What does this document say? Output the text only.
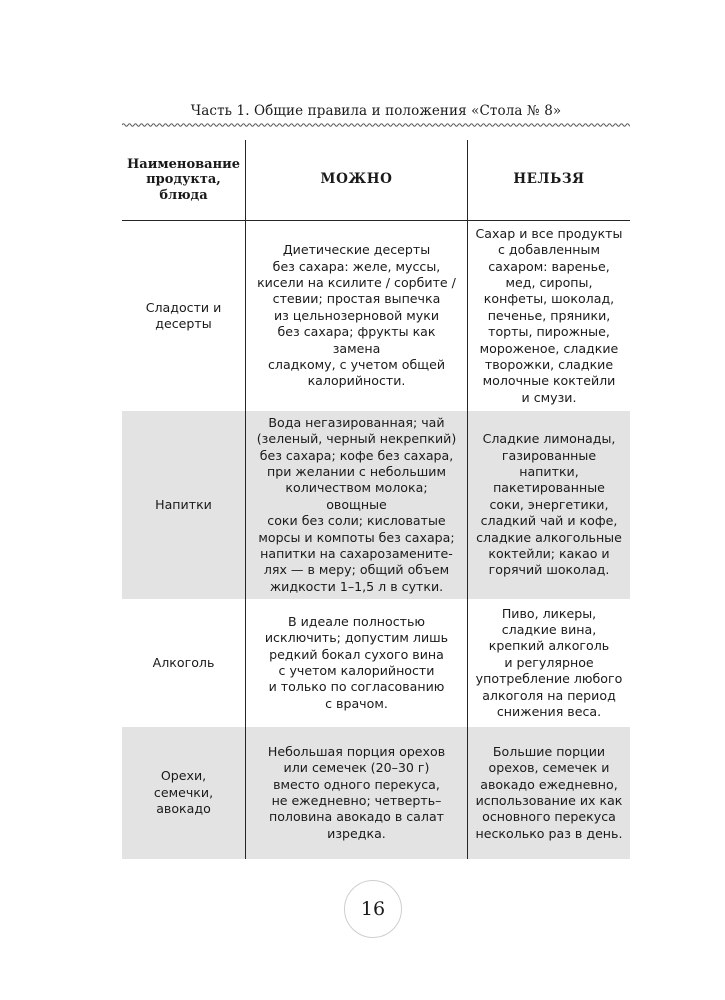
Часть 1. Общие правила и положения «Стола № 8»
Наименование
продукта,
блюда
МОЖНО	НЕЛЬЗЯ
Сладости и
десерты
Диетические десерты
без сахара: желе, муссы,
кисели на ксилите / сорбите /
стевии; простая выпечка
из цельнозерновой муки
без сахара; фрукты как замена
сладкому, с учетом общей
калорийности.
Сахар и все продукты
с добавленным
сахаром: варенье,
мед, сиропы,
конфеты, шоколад,
печенье, пряники,
торты, пирожные,
мороженое, сладкие
творожки, сладкие
молочные коктейли
и смузи.
Напитки
Вода негазированная; чай
(зеленый, черный некрепкий)
без сахара; кофе без сахара,
при желании с небольшим
количеством молока; овощные
соки без соли; кисловатые
морсы и компоты без сахара;
напитки на сахарозамените-
лях — в меру; общий объем
жидкости 1–1,5 л в сутки.
Сладкие лимонады,
газированные
напитки,
пакетированные
соки, энергетики,
сладкий чай и кофе,
сладкие алкогольные
коктейли; какао и
горячий шоколад.
Алкоголь
В идеале полностью
исключить; допустим лишь
редкий бокал сухого вина
с учетом калорийности
и только по согласованию
с врачом.
Пиво, ликеры,
сладкие вина,
крепкий алкоголь
и регулярное
употребление любого
алкоголя на период
снижения веса.
Орехи, семечки,
авокадо
Небольшая порция орехов
или семечек (20–30 г)
вместо одного перекуса,
не ежедневно; четверть–
половина авокадо в салат
изредка.
Большие порции
орехов, семечек и
авокадо ежедневно,
использование их как
основного перекуса
несколько раз в день.
16
